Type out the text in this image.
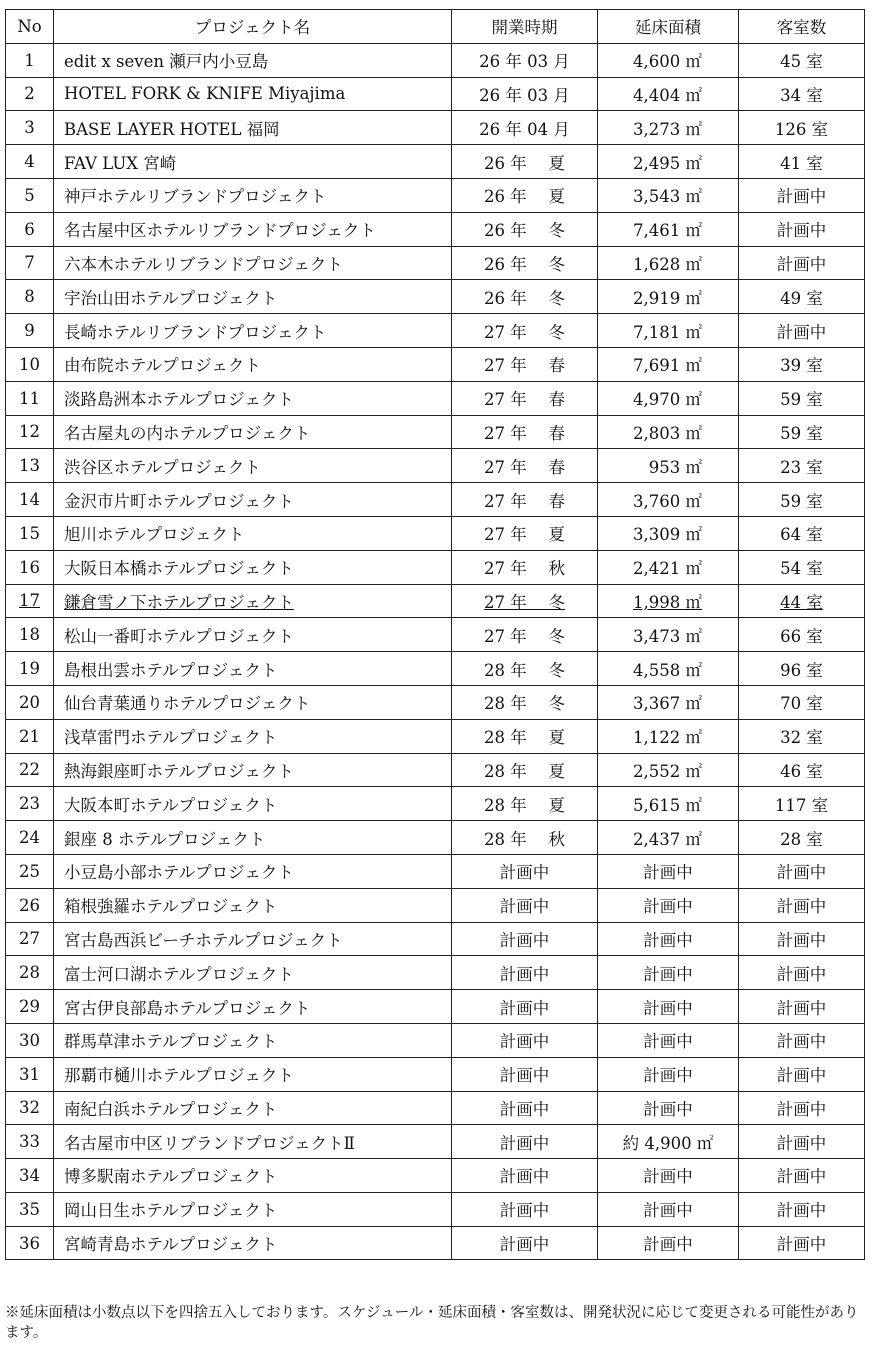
No	プロジェクト名	開業時期	延床面積	客室数
1	edit x seven 瀬戸内小豆島	26 年 03 月	4,600 ㎡	45 室
2	HOTEL FORK & KNIFE Miyajima	26 年 03 月	4,404 ㎡	34 室
3	BASE LAYER HOTEL 福岡	26 年 04 月	3,273 ㎡	126 室
4	FAV LUX 宮崎	26 年　 夏	2,495 ㎡	41 室
5	神戸ホテルリブランドプロジェクト	26 年　 夏	3,543 ㎡	計画中
6	名古屋中区ホテルリブランドプロジェクト	26 年　 冬	7,461 ㎡	計画中
7	六本木ホテルリブランドプロジェクト	26 年　 冬	1,628 ㎡	計画中
8	宇治山田ホテルプロジェクト	26 年　 冬	2,919 ㎡	49 室
9	長崎ホテルリブランドプロジェクト	27 年　 冬	7,181 ㎡	計画中
10	由布院ホテルプロジェクト	27 年　 春	7,691 ㎡	39 室
11	淡路島洲本ホテルプロジェクト	27 年　 春	4,970 ㎡	59 室
12	名古屋丸の内ホテルプロジェクト	27 年　 春	2,803 ㎡	59 室
13	渋谷区ホテルプロジェクト	27 年　 春	953 ㎡	23 室
14	金沢市片町ホテルプロジェクト	27 年　 春	3,760 ㎡	59 室
15	旭川ホテルプロジェクト	27 年　 夏	3,309 ㎡	64 室
16	大阪日本橋ホテルプロジェクト	27 年　 秋	2,421 ㎡	54 室
17	鎌倉雪ノ下ホテルプロジェクト	27 年　 冬	1,998 ㎡	44 室
18	松山一番町ホテルプロジェクト	27 年　 冬	3,473 ㎡	66 室
19	島根出雲ホテルプロジェクト	28 年　 冬	4,558 ㎡	96 室
20	仙台青葉通りホテルプロジェクト	28 年　 冬	3,367 ㎡	70 室
21	浅草雷門ホテルプロジェクト	28 年　 夏	1,122 ㎡	32 室
22	熱海銀座町ホテルプロジェクト	28 年　 夏	2,552 ㎡	46 室
23	大阪本町ホテルプロジェクト	28 年　 夏	5,615 ㎡	117 室
24	銀座 8 ホテルプロジェクト	28 年　 秋	2,437 ㎡	28 室
25	小豆島小部ホテルプロジェクト	計画中	計画中	計画中
26	箱根強羅ホテルプロジェクト	計画中	計画中	計画中
27	宮古島西浜ビーチホテルプロジェクト	計画中	計画中	計画中
28	富士河口湖ホテルプロジェクト	計画中	計画中	計画中
29	宮古伊良部島ホテルプロジェクト	計画中	計画中	計画中
30	群馬草津ホテルプロジェクト	計画中	計画中	計画中
31	那覇市樋川ホテルプロジェクト	計画中	計画中	計画中
32	南紀白浜ホテルプロジェクト	計画中	計画中	計画中
33	名古屋市中区リブランドプロジェクトⅡ	計画中	約 4,900 ㎡	計画中
34	博多駅南ホテルプロジェクト	計画中	計画中	計画中
35	岡山日生ホテルプロジェクト	計画中	計画中	計画中
36	宮崎青島ホテルプロジェクト	計画中	計画中	計画中
※延床面積は小数点以下を四捨五入しております。スケジュール・延床面積・客室数は、開発状況に応じて変更される可能性があります。
